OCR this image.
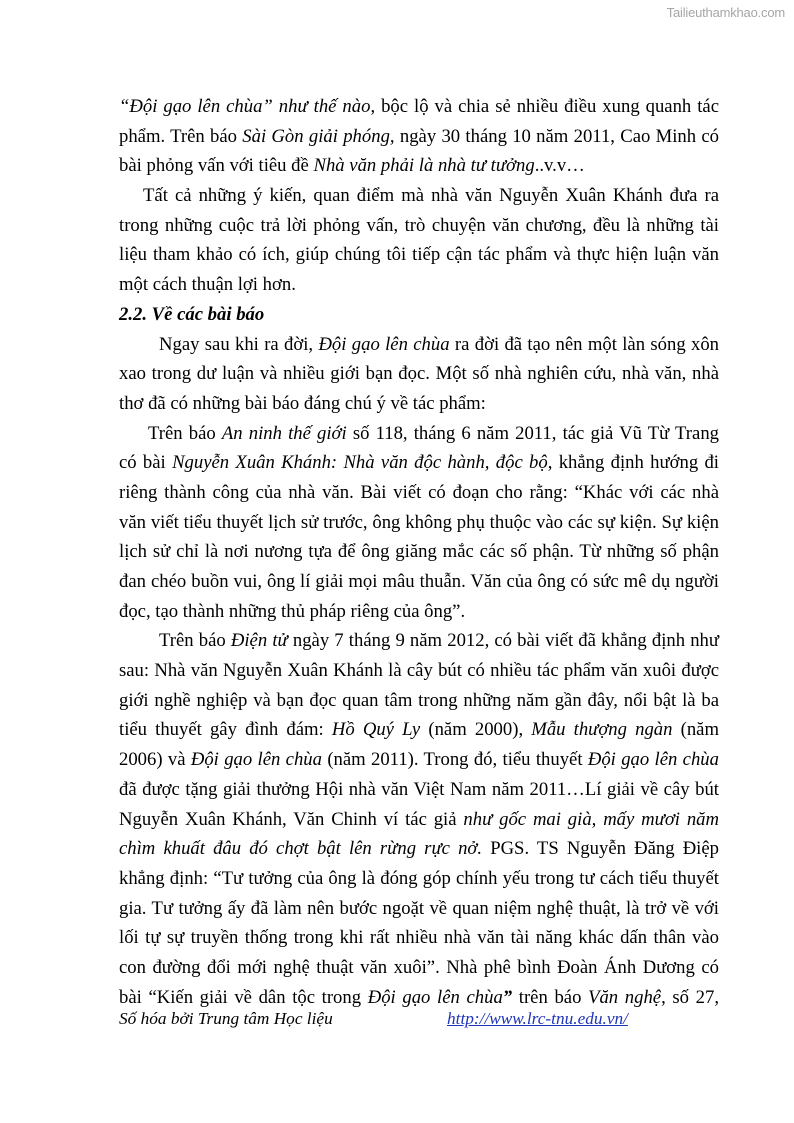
Tailieuthamkhao.com
“Đội gạo lên chùa” như thế nào, bộc lộ và chia sẻ nhiều điều xung quanh tác
phẩm. Trên báo Sài Gòn giải phóng, ngày 30 tháng 10 năm 2011, Cao Minh có
bài phỏng vấn với tiêu đề Nhà văn phải là nhà tư tưởng..v.v…
Tất cả những ý kiến, quan điểm mà nhà văn Nguyễn Xuân Khánh đưa ra
trong những cuộc trả lời phỏng vấn, trò chuyện văn chương, đều là những tài
liệu tham khảo có ích, giúp chúng tôi tiếp cận tác phẩm và thực hiện luận văn
một cách thuận lợi hơn.
2.2. Về các bài báo
Ngay sau khi ra đời, Đội gạo lên chùa ra đời đã tạo nên một làn sóng xôn
xao trong dư luận và nhiều giới bạn đọc. Một số nhà nghiên cứu, nhà văn, nhà
thơ đã có những bài báo đáng chú ý về tác phẩm:
Trên báo An ninh thế giới số 118, tháng 6 năm 2011, tác giả Vũ Từ Trang
có bài Nguyễn Xuân Khánh: Nhà văn độc hành, độc bộ, khẳng định hướng đi
riêng thành công của nhà văn. Bài viết có đoạn cho rằng: “Khác với các nhà
văn viết tiểu thuyết lịch sử trước, ông không phụ thuộc vào các sự kiện. Sự kiện
lịch sử chỉ là nơi nương tựa để ông giăng mắc các số phận. Từ những số phận
đan chéo buồn vui, ông lí giải mọi mâu thuẫn. Văn của ông có sức mê dụ người
đọc, tạo thành những thủ pháp riêng của ông”.
Trên báo Điện tử ngày 7 tháng 9 năm 2012, có bài viết đã khẳng định như
sau: Nhà văn Nguyễn Xuân Khánh là cây bút có nhiều tác phẩm văn xuôi được
giới nghề nghiệp và bạn đọc quan tâm trong những năm gần đây, nổi bật là ba
tiểu thuyết gây đình đám: Hồ Quý Ly (năm 2000), Mẫu thượng ngàn (năm
2006) và Đội gạo lên chùa (năm 2011). Trong đó, tiểu thuyết Đội gạo lên chùa
đã được tặng giải thưởng Hội nhà văn Việt Nam năm 2011…Lí giải về cây bút
Nguyễn Xuân Khánh, Văn Chinh ví tác giả như gốc mai già, mấy mươi năm
chìm khuất đâu đó chợt bật lên rừng rực nở. PGS. TS Nguyễn Đăng Điệp
khẳng định: “Tư tưởng của ông là đóng góp chính yếu trong tư cách tiểu thuyết
gia. Tư tưởng ấy đã làm nên bước ngoặt về quan niệm nghệ thuật, là trở về với
lối tự sự truyền thống trong khi rất nhiều nhà văn tài năng khác dấn thân vào
con đường đổi mới nghệ thuật văn xuôi”. Nhà phê bình Đoàn Ánh Dương có
bài “Kiến giải về dân tộc trong Đội gạo lên chùa” trên báo Văn nghệ, số 27,
Số hóa bởi Trung tâm Học liệu	http://www.lrc-tnu.edu.vn/
